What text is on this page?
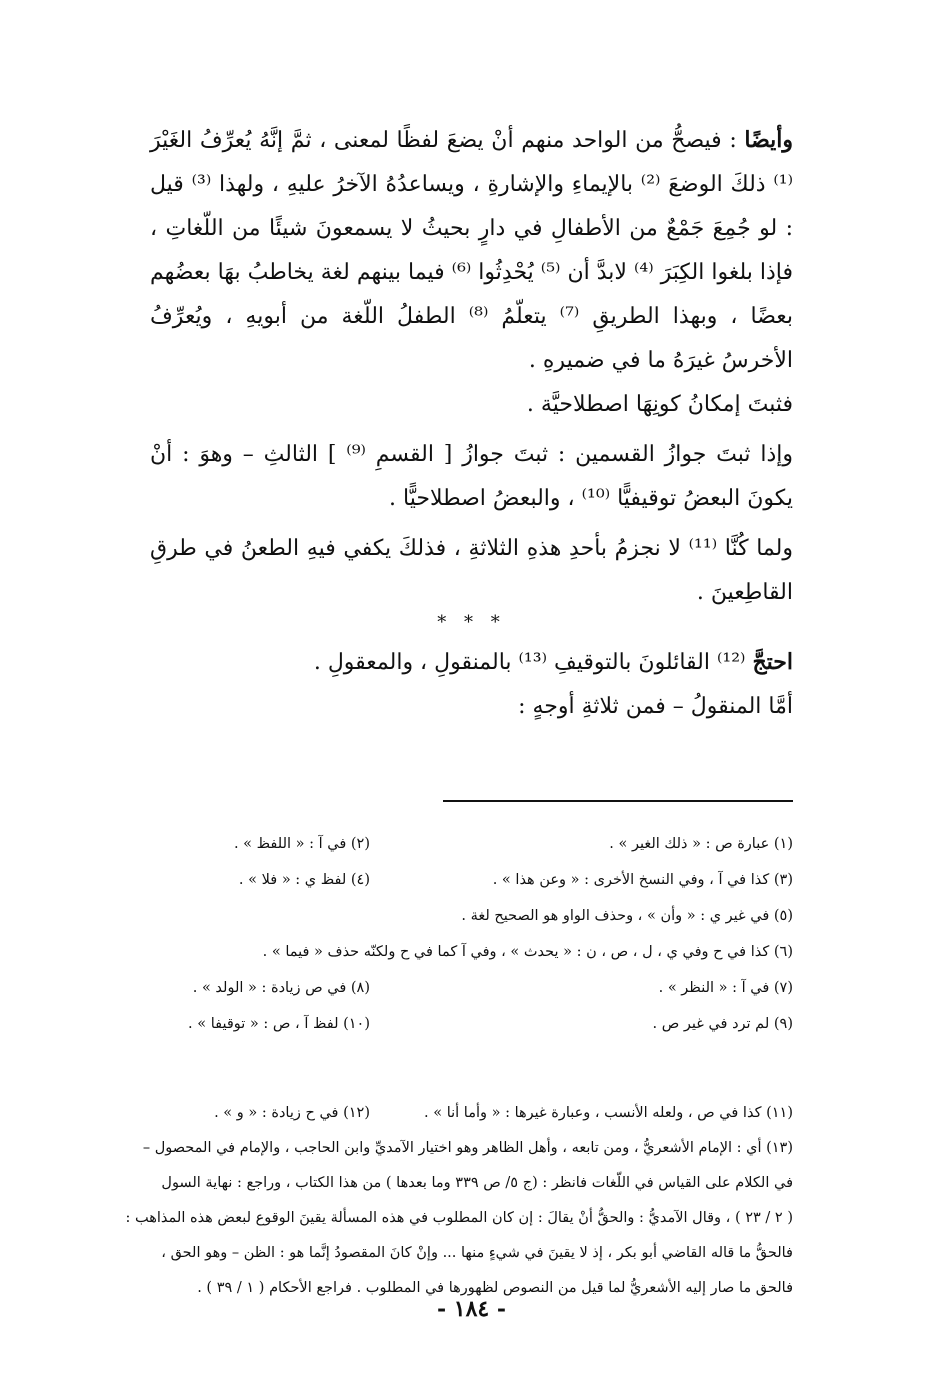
وأيضًا : فيصحُّ من الواحد منهم أنْ يضعَ لفظًا لمعنى ، ثمَّ إنَّهُ يُعرِّفُ الغَيْرَ ⁽¹⁾ ذلكَ الوضعَ ⁽²⁾ بالإيماءِ والإشارةِ ، ويساعدُهُ الآخرُ عليهِ ، ولهذا ⁽³⁾ قيل : لو جُمِعَ جَمْعٌ من الأطفالِ في دارٍ بحيثُ لا يسمعونَ شيئًا من اللّغاتِ ، فإذا بلغوا الكِبَرَ ⁽⁴⁾ لابدَّ أن ⁽⁵⁾ يُحْدِثُوا ⁽⁶⁾ فيما بينهم لغة يخاطبُ بهَا بعضُهم بعضًا ، وبهذا الطريقِ ⁽⁷⁾ يتعلّمُ ⁽⁸⁾ الطفلُ اللّغة من أبويهِ ، ويُعرِّفُ الأخرسُ غيرَهُ ما في ضميرهِ .

فثبتَ إمكانُ كونِهَا اصطلاحيَّة .

وإذا ثبتَ جوازُ القسمين : ثبتَ جوازُ [ القسمِ ⁽⁹⁾ ] الثالثِ – وهوَ : أنْ يكونَ البعضُ توقيفيًّا ⁽¹⁰⁾ ، والبعضُ اصطلاحيًّا .

ولما كُنَّا ⁽¹¹⁾ لا نجزمُ بأحدِ هذهِ الثلاثةِ ، فذلكَ يكفي فيهِ الطعنُ في طرقِ القاطِعينَ .

* * *

احتجَّ ⁽¹²⁾ القائلونَ بالتوقيفِ ⁽¹³⁾ بالمنقولِ ، والمعقولِ .

أمَّا المنقولُ – فمن ثلاثةِ أوجهٍ :

(١) عبارة ص : « ذلك الغير » .
(٢) في آ : « اللفظ » .
(٣) كذا في آ ، وفي النسخ الأخرى : « وعن هذا » .
(٤) لفظ ي : « فلا » .

(٥) في غير ي : « وأن » ، وحذف الواو هو الصحيح لغة .

(٦) كذا في ح وفي ي ، ل ، ص ، ن : « يحدث » ، وفي آ كما في ح ولكنّه حذف « فيما » .

(٧) في آ : « النظر » .
(٨) في ص زيادة : « الولد » .
(٩) لم ترد في غير ص .
(١٠) لفظ آ ، ص : « توقيفا » .
(١١) كذا في ص ، ولعله الأنسب ، وعبارة غيرها : « وأما أنا » .
(١٢) في ح زيادة : « و » .

(١٣) أي : الإمام الأشعريُّ ، ومن تابعه ، وأهل الظاهر وهو اختيار الآمديِّ وابن الحاجب ، والإمام في المحصول –

في الكلام على القياس في اللّغات فانظر : (ج ٥/ ص ٣٣٩ وما بعدها ) من هذا الكتاب ، وراجع : نهاية السول

( ٢ / ٢٣ ) ، وقال الآمديُّ : والحقُّ أنْ يقالَ : إن كان المطلوب في هذه المسألة يقينَ الوقوع لبعض هذه المذاهب :

فالحقُّ ما قاله القاضي أبو بكر ، إذ لا يقينَ في شيءٍ منها ... وإنْ كانَ المقصودُ إنَّما هو : الظن – وهو الحق ،

فالحق ما صار إليه الأشعريُّ لما قيل من النصوص لظهورها في المطلوب . فراجع الأحكام ( ١ / ٣٩ ) .

- ١٨٤ -
